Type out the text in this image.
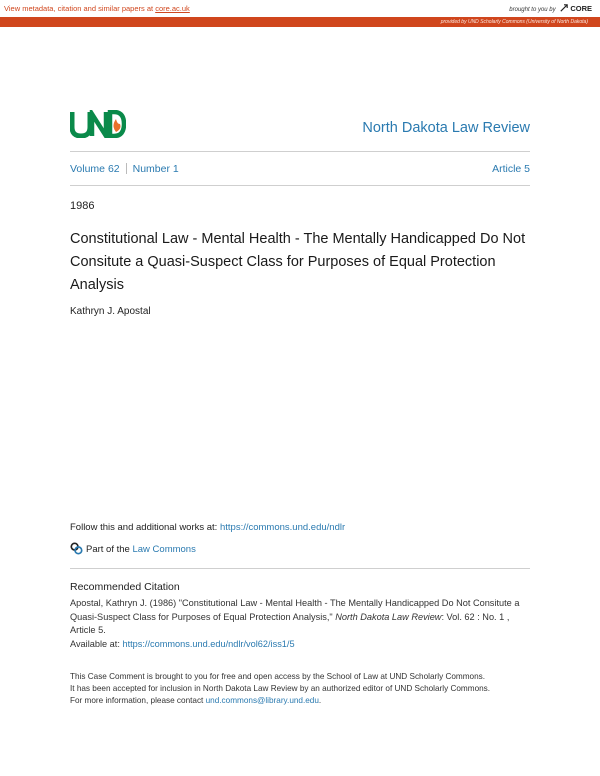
View metadata, citation and similar papers at core.ac.uk	brought to you by CORE
provided by UND Scholarly Commons (University of North Dakota)
North Dakota Law Review
Volume 62 Number 1	Article 5
1986
Constitutional Law - Mental Health - The Mentally Handicapped Do Not Consitute a Quasi-Suspect Class for Purposes of Equal Protection Analysis
Kathryn J. Apostal
Follow this and additional works at: https://commons.und.edu/ndlr
Part of the Law Commons
Recommended Citation
Apostal, Kathryn J. (1986) "Constitutional Law - Mental Health - The Mentally Handicapped Do Not Consitute a Quasi-Suspect Class for Purposes of Equal Protection Analysis," North Dakota Law Review: Vol. 62 : No. 1 , Article 5.
Available at: https://commons.und.edu/ndlr/vol62/iss1/5
This Case Comment is brought to you for free and open access by the School of Law at UND Scholarly Commons.
It has been accepted for inclusion in North Dakota Law Review by an authorized editor of UND Scholarly Commons.
For more information, please contact und.commons@library.und.edu.
